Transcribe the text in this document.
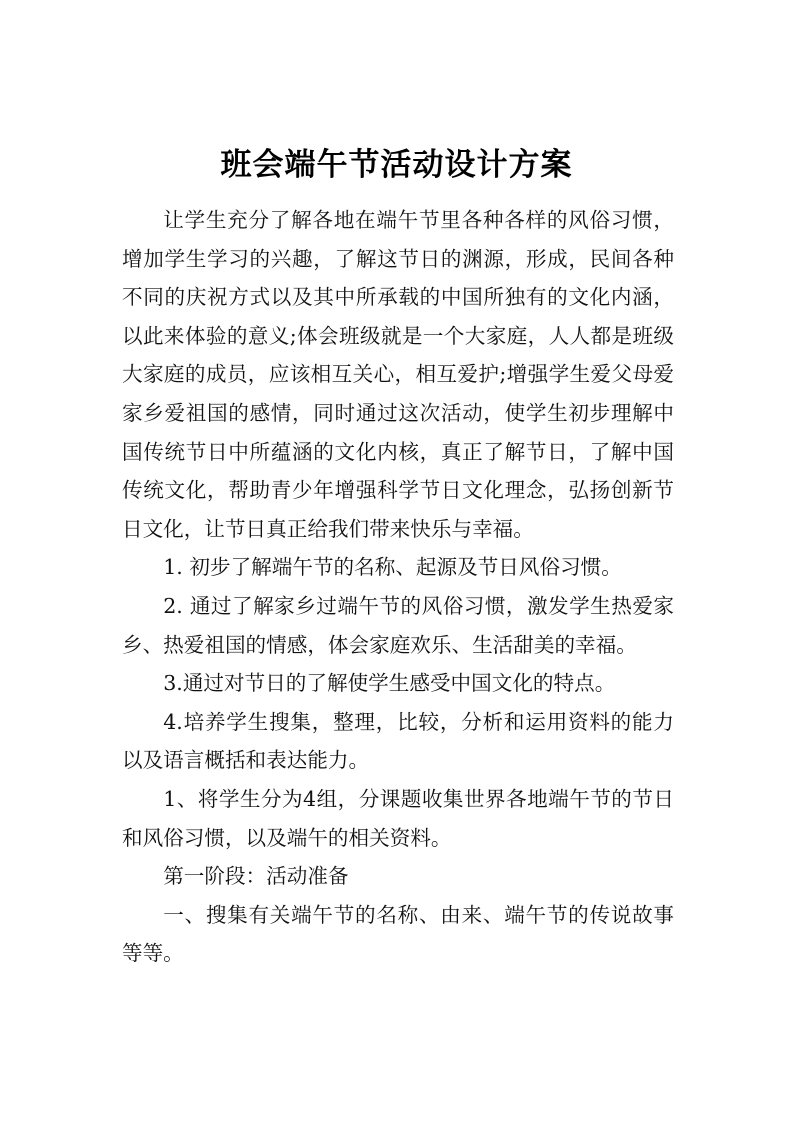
班会端午节活动设计方案

让学生充分了解各地在端午节里各种各样的风俗习惯，增加学生学习的兴趣，了解这节日的渊源，形成，民间各种不同的庆祝方式以及其中所承载的中国所独有的文化内涵，以此来体验的意义;体会班级就是一个大家庭，人人都是班级大家庭的成员，应该相互关心，相互爱护;增强学生爱父母爱家乡爱祖国的感情，同时通过这次活动，使学生初步理解中国传统节日中所蕴涵的文化内核，真正了解节日，了解中国传统文化，帮助青少年增强科学节日文化理念，弘扬创新节日文化，让节日真正给我们带来快乐与幸福。

1. 初步了解端午节的名称、起源及节日风俗习惯。

2. 通过了解家乡过端午节的风俗习惯，激发学生热爱家乡、热爱祖国的情感，体会家庭欢乐、生活甜美的幸福。

3.通过对节日的了解使学生感受中国文化的特点。

4.培养学生搜集，整理，比较，分析和运用资料的能力以及语言概括和表达能力。

1、将学生分为4组，分课题收集世界各地端午节的节日和风俗习惯，以及端午的相关资料。

第一阶段：活动准备

一、搜集有关端午节的名称、由来、端午节的传说故事等等。
